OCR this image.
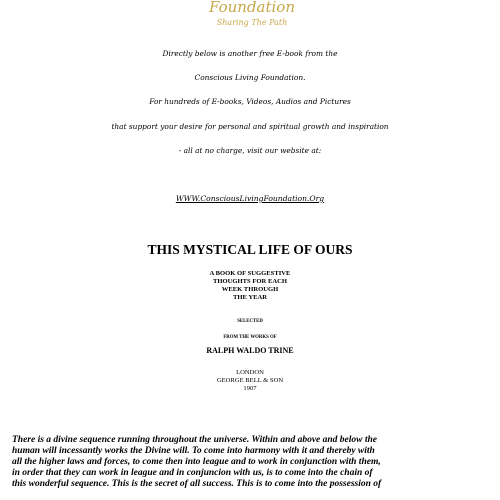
Foundation
Sharing The Path
Directly below is another free E-book from the
Conscious Living Foundation.
For hundreds of E-books, Videos, Audios and Pictures
that support your desire for personal and spiritual growth and inspiration
- all at no charge, visit our website at:
WWW.ConsciousLivingFoundation.Org
THIS MYSTICAL LIFE OF OURS
A BOOK OF SUGGESTIVE
THOUGHTS FOR EACH
WEEK THROUGH
THE YEAR
SELECTED
FROM THE WORKS OF
RALPH WALDO TRINE
LONDON
GEORGE BELL & SON
1907
There is a divine sequence running throughout the universe. Within and above and below the
human will incessantly works the Divine will. To come into harmony with it and thereby with
all the higher laws and forces, to come then into league and to work in conjunction with them,
in order that they can work in league and in conjuncion with us, is to come into the chain of
this wonderful sequence. This is the secret of all success. This is to come into the possession of
